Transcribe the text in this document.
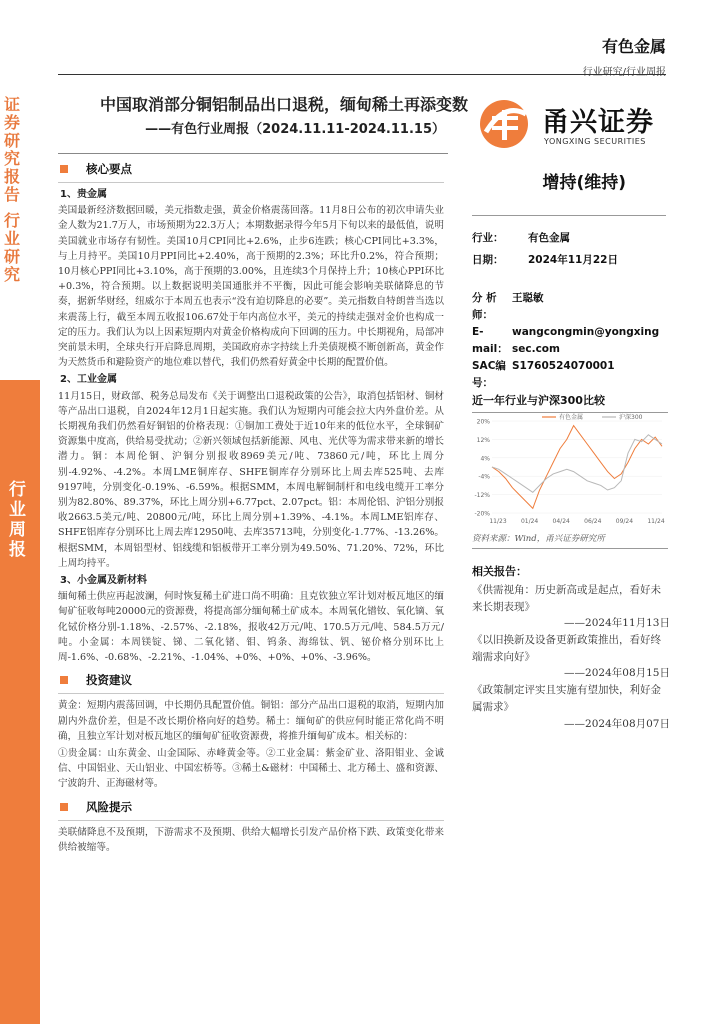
证券研究报告
行业研究
行业周报
有色金属
行业研究/行业周报
中国取消部分铜铝制品出口退税，缅甸稀土再添变数
——有色行业周报（2024.11.11-2024.11.15）	甬兴证券
YONGXING SECURITIES
核心要点
1、贵金属
美国最新经济数据回暖，美元指数走强，黄金价格震荡回落。11月8日公布的初次申请失业金人数为21.7万人，市场预期为22.3万人；本期数据录得今年5月下旬以来的最低值，说明美国就业市场存有韧性。美国10月CPI同比+2.6%，止步6连跌；核心CPI同比+3.3%，与上月持平。美国10月PPI同比+2.40%，高于预期的2.3%；环比升0.2%，符合预期；10月核心PPI同比+3.10%，高于预期的3.00%，且连续3个月保持上升；10核心PPI环比+0.3%，符合预期。以上数据说明美国通胀并不平衡，因此可能会影响美联储降息的节奏，据新华财经，纽威尔于本周五也表示“没有迫切降息的必要”。美元指数自特朗普当选以来震荡上行，截至本周五收报106.67处于年内高位水平，美元的持续走强对金价也构成一定的压力。我们认为以上因素短期内对黄金价格构成向下回调的压力。中长期视角，局部冲突前景未明，全球央行开启降息周期，美国政府赤字持续上升美债规模不断创新高，黄金作为天然货币和避险资产的地位难以替代，我们仍然看好黄金中长期的配置价值。
2、工业金属
11月15日，财政部、税务总局发布《关于调整出口退税政策的公告》，取消包括铝材、铜材等产品出口退税，自2024年12月1日起实施。我们认为短期内可能会拉大内外盘价差。从长期视角我们仍然看好铜铝的价格表现：①铜加工费处于近10年来的低位水平，全球铜矿资源集中度高，供给易受扰动；②新兴领域包括新能源、风电、光伏等为需求带来新的增长潜力。铜：本周伦铜、沪铜分别报收8969美元/吨、73860元/吨，环比上周分别-4.92%、-4.2%。本周LME铜库存、SHFE铜库存分别环比上周去库525吨、去库9197吨，分别变化-0.19%、-6.59%。根据SMM，本周电解铜制杆和电线电缆开工率分别为82.80%、89.37%，环比上周分别+6.77pct、2.07pct。铝：本周伦铝、沪铝分别报收2663.5美元/吨、20800元/吨，环比上周分别+1.39%、-4.1%。本周LME铝库存、SHFE铝库存分别环比上周去库12950吨、去库35713吨，分别变化-1.77%、-13.26%。根据SMM，本周铝型材、铝线缆和铝板带开工率分别为49.50%、71.20%、72%，环比上周均持平。
3、小金属及新材料
缅甸稀土供应再起波澜，何时恢复稀土矿进口尚不明确：且克钦独立军计划对板瓦地区的缅甸矿征收每吨20000元的资源费，将提高部分缅甸稀土矿成本。本周氧化镨钕、氧化镝、氧化铽价格分别-1.18%、-2.57%、-2.18%，报收42万元/吨、170.5万元/吨、584.5万元/吨。小金属：本周镁锭、锑、二氧化锗、钼、钨条、海绵钛、钒、铋价格分别环比上周-1.6%、-0.68%、-2.21%、-1.04%、+0%、+0%、+0%、-3.96%。
投资建议
黄金：短期内震荡回调，中长期仍具配置价值。铜铝：部分产品出口退税的取消，短期内加剧内外盘价差，但是不改长期价格向好的趋势。稀土：缅甸矿的供应何时能正常化尚不明确，且独立军计划对板瓦地区的缅甸矿征收资源费，将推升缅甸矿成本。相关标的：
①贵金属：山东黄金、山金国际、赤峰黄金等。②工业金属：紫金矿业、洛阳钼业、金诚信、中国铝业、天山铝业、中国宏桥等。③稀土&磁材：中国稀土、北方稀土、盛和资源、宁波韵升、正海磁材等。
风险提示
美联储降息不及预期，下游需求不及预期、供给大幅增长引发产品价格下跌、政策变化带来供给被缩等。
增持(维持)
行业：	有色金属
日期：	2024年11月22日
分 析 师：
王聪敏
E-mail：
wangcongmin@yongxingsec.com
SAC编号：
S1760524070001
近一年行业与沪深300比较
20%
12%
4%
-4%
-12%
-20%
11/23 01/24 04/24 06/24 09/24 11/24
有色金属	沪深300
资料来源：Wind，甬兴证券研究所
相关报告：
《供需视角：历史新高或是起点，看好未来长期表现》
——2024年11月13日
《以旧换新及设备更新政策推出，看好终端需求向好》
——2024年08月15日
《政策制定评实且实施有望加快，利好金属需求》
——2024年08月07日
